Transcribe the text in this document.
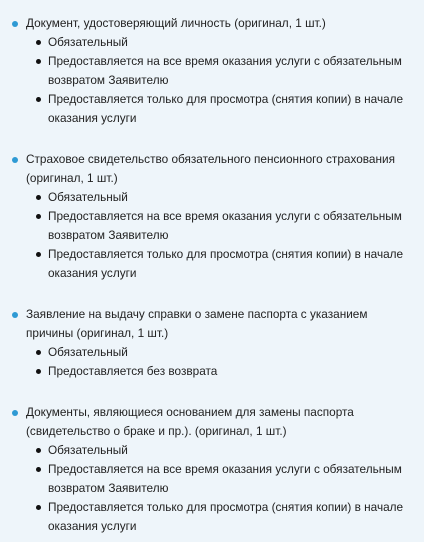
Документ, удостоверяющий личность (оригинал, 1 шт.)
Обязательный
Предоставляется на все время оказания услуги с обязательным возвратом Заявителю
Предоставляется только для просмотра (снятия копии) в начале оказания услуги
Страховое свидетельство обязательного пенсионного страхования (оригинал, 1 шт.)
Обязательный
Предоставляется на все время оказания услуги с обязательным возвратом Заявителю
Предоставляется только для просмотра (снятия копии) в начале оказания услуги
Заявление на выдачу справки о замене паспорта с указанием причины (оригинал, 1 шт.)
Обязательный
Предоставляется без возврата
Документы, являющиеся основанием для замены паспорта (свидетельство о браке и пр.). (оригинал, 1 шт.)
Обязательный
Предоставляется на все время оказания услуги с обязательным возвратом Заявителю
Предоставляется только для просмотра (снятия копии) в начале оказания услуги
